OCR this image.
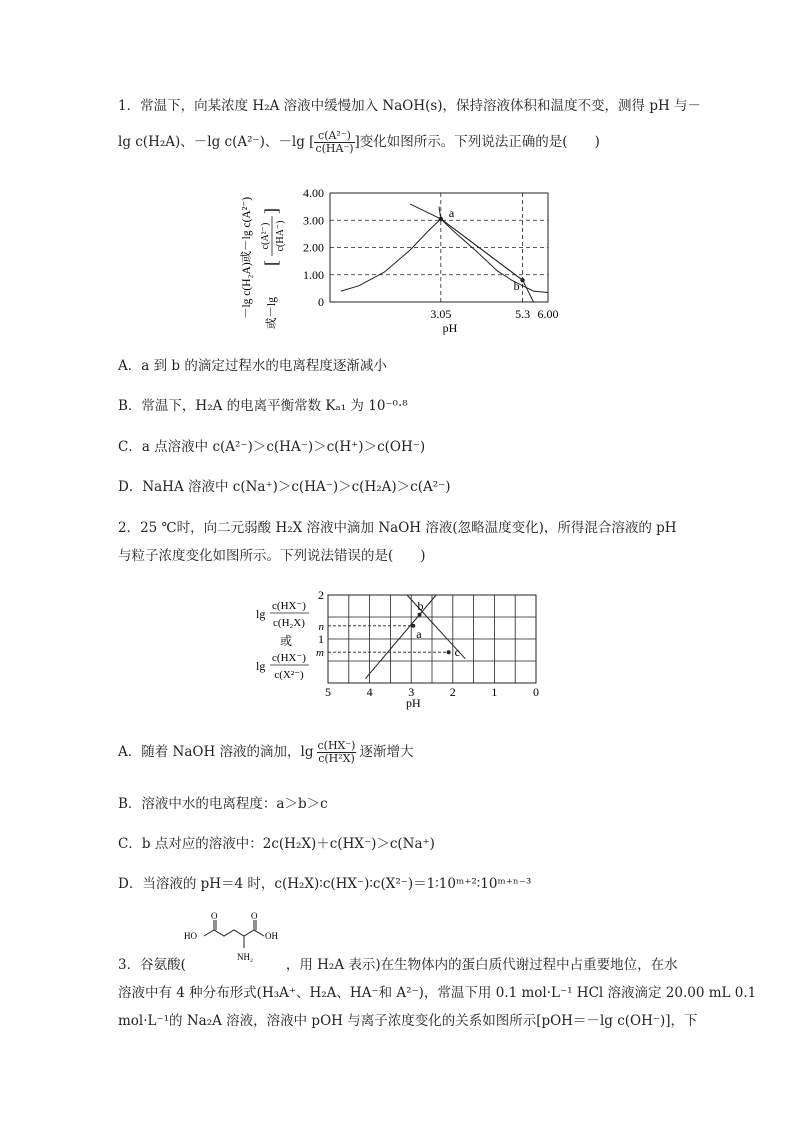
1．常温下，向某浓度 H₂A 溶液中缓慢加入 NaOH(s)，保持溶液体积和温度不变，测得 pH 与－
lg c(H₂A)、－lg c(A²⁻)、－lg [ $\frac{\text{c(A²⁻)}}{c(HA^-)}$ ]变化如图所示。下列说法正确的是(　　)
－lg c(H₂A)或－lg c(A²⁻) 或－lg
c(A²⁻) c(HA⁻)
[
]
0
1.00
2.00
3.00
4.00
3.05	5.3 6.00
pH
a
b
A．a 到 b 的滴定过程水的电离程度逐渐减小
B．常温下，H₂A 的电离平衡常数 Kₐ₁ 为 10⁻⁰·⁸
C．a 点溶液中 c(A²⁻)＞c(HA⁻)＞c(H⁺)＞c(OH⁻)
D．NaHA 溶液中 c(Na⁺)＞c(HA⁻)＞c(H₂A)＞c(A²⁻)
2．25 ℃时，向二元弱酸 H₂X 溶液中滴加 NaOH 溶液(忽略温度变化)，所得混合溶液的 pH
与粒子浓度变化如图所示。下列说法错误的是(　　)
lg
c(HX⁻)
c(H₂X)
或
lg
c(HX⁻)
c(X²⁻)
1
2
n
m
5	4	3	2	1	0
pH
a
b
c
A．随着 NaOH 溶液的滴加，$\lg \frac{c(HX^-)}{\text{c(H²X)}}$ 逐渐增大
B．溶液中水的电离程度：a＞b＞c
C．b 点对应的溶液中：2c(H₂X)＋c(HX⁻)＞c(Na⁺)
D．当溶液的 pH＝4 时，c(H₂X)∶c(HX⁻)∶c(X²⁻)＝1∶10ᵐ⁺²∶10ᵐ⁺ⁿ⁻³
O	O
HO	OH
NH₂
3．谷氨酸(	，用 H₂A 表示)在生物体内的蛋白质代谢过程中占重要地位，在水
溶液中有 4 种分布形式(H₃A⁺、H₂A、HA⁻和 A²⁻)，常温下用 0.1 mol·L⁻¹ HCl 溶液滴定 20.00 mL 0.1
mol·L⁻¹的 Na₂A 溶液，溶液中 pOH 与离子浓度变化的关系如图所示[pOH＝－lg c(OH⁻)]，下
